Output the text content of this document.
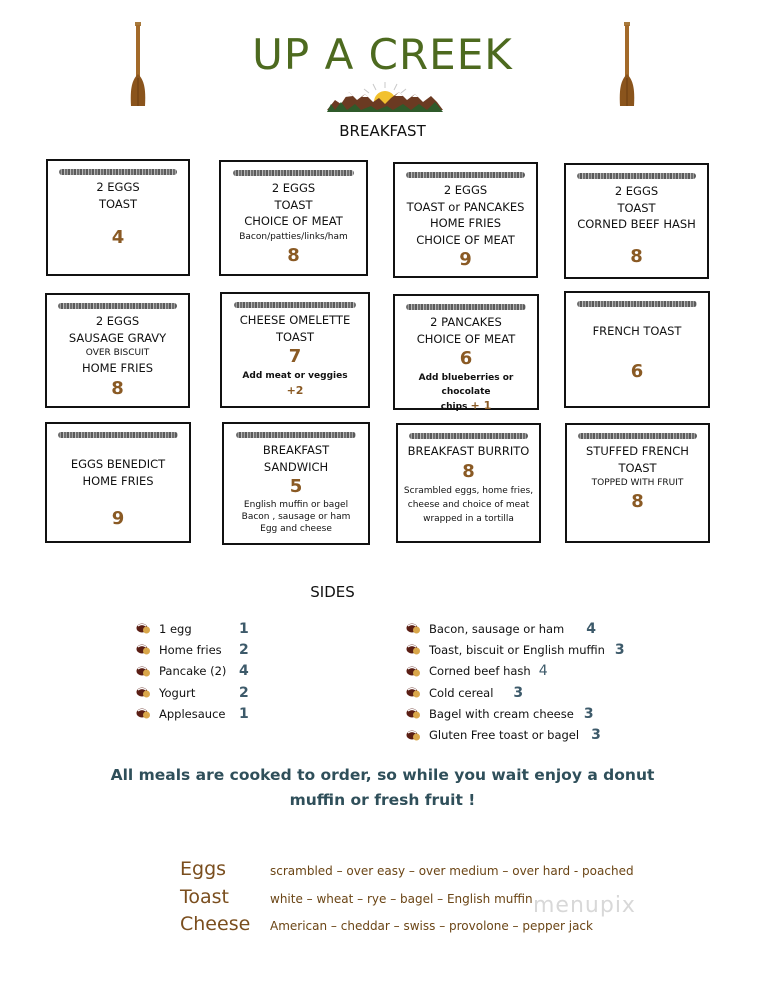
UP A CREEK
BREAKFAST
2 EGGS
TOAST
4
2 EGGS
TOAST
CHOICE OF MEAT
Bacon/patties/links/ham
8
2 EGGS
TOAST or PANCAKES
HOME FRIES
CHOICE OF MEAT
9
2 EGGS
TOAST
CORNED BEEF HASH
8
2 EGGS
SAUSAGE GRAVY
OVER BISCUIT
HOME FRIES
8
CHEESE OMELETTE
TOAST
7
Add meat or veggies
+2
2 PANCAKES
CHOICE OF MEAT
6
Add blueberries or chocolate
chips + 1
FRENCH TOAST
6
EGGS BENEDICT
HOME FRIES
9
BREAKFAST
SANDWICH
5
English muffin or bagel
Bacon , sausage or ham
Egg and cheese
BREAKFAST BURRITO
8
Scrambled eggs, home fries,
cheese and choice of meat
wrapped in a tortilla
STUFFED FRENCH
TOAST
TOPPED WITH FRUIT
8
SIDES
1 egg	1
Home fries	2
Pancake (2) 4
Yogurt	2
Applesauce 1
Bacon, sausage or ham 4
Toast, biscuit or English muffin 3
Corned beef hash 4
Cold cereal 3
Bagel with cream cheese 3
Gluten Free toast or bagel 3
All meals are cooked to order, so while you wait enjoy a donut
muffin or fresh fruit !
Eggs	scrambled – over easy – over medium – over hard - poached
Toast	white – wheat – rye – bagel – English muffin
Cheese	American – cheddar – swiss – provolone – pepper jack
menupix
